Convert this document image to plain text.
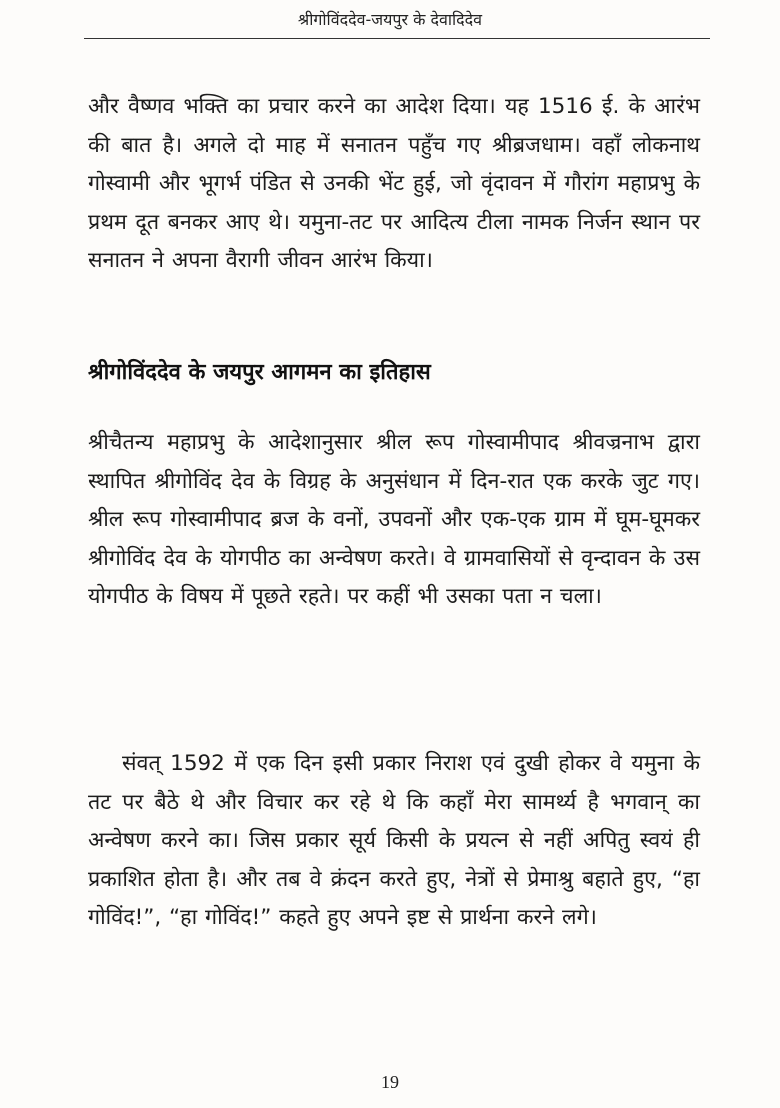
श्रीगोविंददेव-जयपुर के देवादिदेव

और वैष्णव भक्ति का प्रचार करने का आदेश दिया। यह 1516 ई. के आरंभ की बात है। अगले दो माह में सनातन पहुँच गए श्रीब्रजधाम। वहाँ लोकनाथ गोस्वामी और भूगर्भ पंडित से उनकी भेंट हुई, जो वृंदावन में गौरांग महाप्रभु के प्रथम दूत बनकर आए थे। यमुना-तट पर आदित्य टीला नामक निर्जन स्थान पर सनातन ने अपना वैरागी जीवन आरंभ किया।

श्रीगोविंददेव के जयपुर आगमन का इतिहास

श्रीचैतन्य महाप्रभु के आदेशानुसार श्रील रूप गोस्वामीपाद श्रीवज्रनाभ द्वारा स्थापित श्रीगोविंद देव के विग्रह के अनुसंधान में दिन-रात एक करके जुट गए। श्रील रूप गोस्वामीपाद ब्रज के वनों, उपवनों और एक-एक ग्राम में घूम-घूमकर श्रीगोविंद देव के योगपीठ का अन्वेषण करते। वे ग्रामवासियों से वृन्दावन के उस योगपीठ के विषय में पूछते रहते। पर कहीं भी उसका पता न चला।

संवत् 1592 में एक दिन इसी प्रकार निराश एवं दुखी होकर वे यमुना के तट पर बैठे थे और विचार कर रहे थे कि कहाँ मेरा सामर्थ्य है भगवान् का अन्वेषण करने का। जिस प्रकार सूर्य किसी के प्रयत्न से नहीं अपितु स्वयं ही प्रकाशित होता है। और तब वे क्रंदन करते हुए, नेत्रों से प्रेमाश्रु बहाते हुए, “हा गोविंद!”, “हा गोविंद!” कहते हुए अपने इष्ट से प्रार्थना करने लगे।

19
